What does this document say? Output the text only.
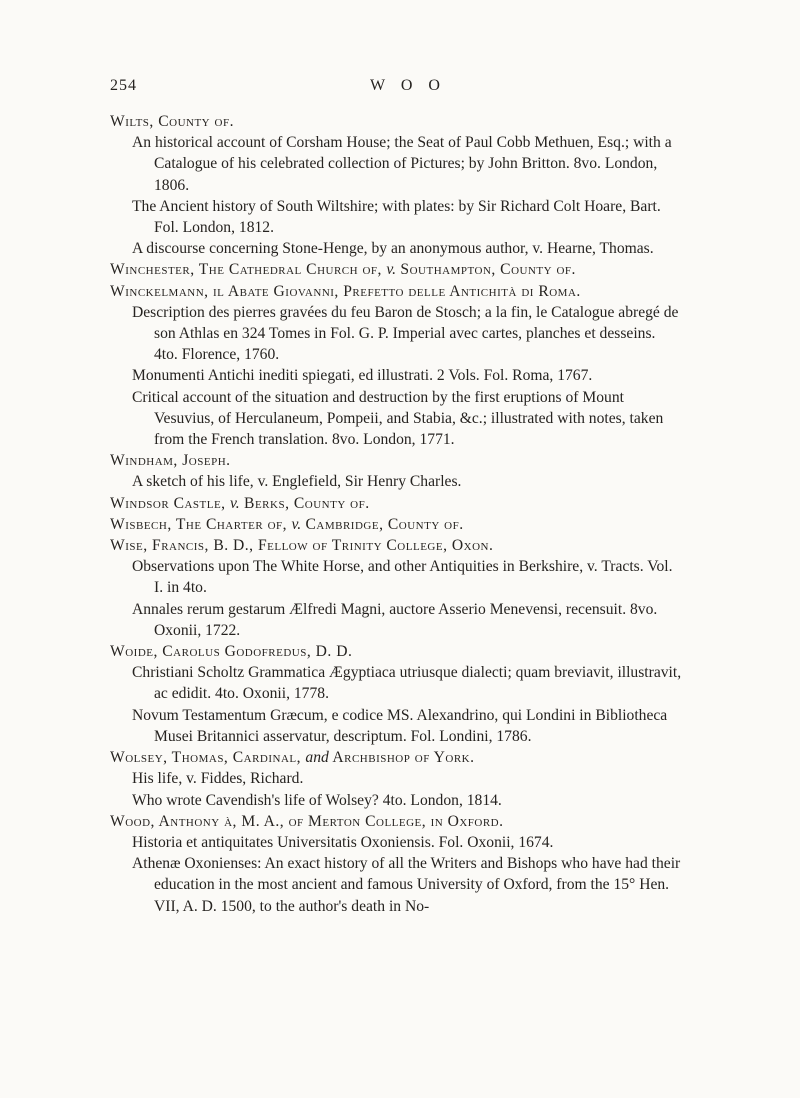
254	W O O

Wilts, County of.

An historical account of Corsham House; the Seat of Paul Cobb Methuen, Esq.; with a Catalogue of his celebrated collection of Pictures; by John Britton. 8vo. London, 1806.

The Ancient history of South Wiltshire; with plates: by Sir Richard Colt Hoare, Bart. Fol. London, 1812.

A discourse concerning Stone-Henge, by an anonymous author, v. Hearne, Thomas.

Winchester, The Cathedral Church of, v. Southampton, County of.

Winckelmann, il Abate Giovanni, Prefetto delle Antichità di Roma.

Description des pierres gravées du feu Baron de Stosch; a la fin, le Catalogue abregé de son Athlas en 324 Tomes in Fol. G. P. Imperial avec cartes, planches et desseins. 4to. Florence, 1760.

Monumenti Antichi inediti spiegati, ed illustrati. 2 Vols. Fol. Roma, 1767.

Critical account of the situation and destruction by the first eruptions of Mount Vesuvius, of Herculaneum, Pompeii, and Stabia, &c.; illustrated with notes, taken from the French translation. 8vo. London, 1771.

Windham, Joseph.

A sketch of his life, v. Englefield, Sir Henry Charles.

Windsor Castle, v. Berks, County of.

Wisbech, The Charter of, v. Cambridge, County of.

Wise, Francis, B. D., Fellow of Trinity College, Oxon.

Observations upon The White Horse, and other Antiquities in Berkshire, v. Tracts. Vol. I. in 4to.

Annales rerum gestarum Ælfredi Magni, auctore Asserio Menevensi, recensuit. 8vo. Oxonii, 1722.

Woide, Carolus Godofredus, D. D.

Christiani Scholtz Grammatica Ægyptiaca utriusque dialecti; quam breviavit, illustravit, ac edidit. 4to. Oxonii, 1778.

Novum Testamentum Græcum, e codice MS. Alexandrino, qui Londini in Bibliotheca Musei Britannici asservatur, descriptum. Fol. Londini, 1786.

Wolsey, Thomas, Cardinal, and Archbishop of York.

His life, v. Fiddes, Richard.

Who wrote Cavendish's life of Wolsey? 4to. London, 1814.

Wood, Anthony à, M. A., of Merton College, in Oxford.

Historia et antiquitates Universitatis Oxoniensis. Fol. Oxonii, 1674.

Athenæ Oxonienses: An exact history of all the Writers and Bishops who have had their education in the most ancient and famous University of Oxford, from the 15° Hen. VII, A. D. 1500, to the author's death in No-
